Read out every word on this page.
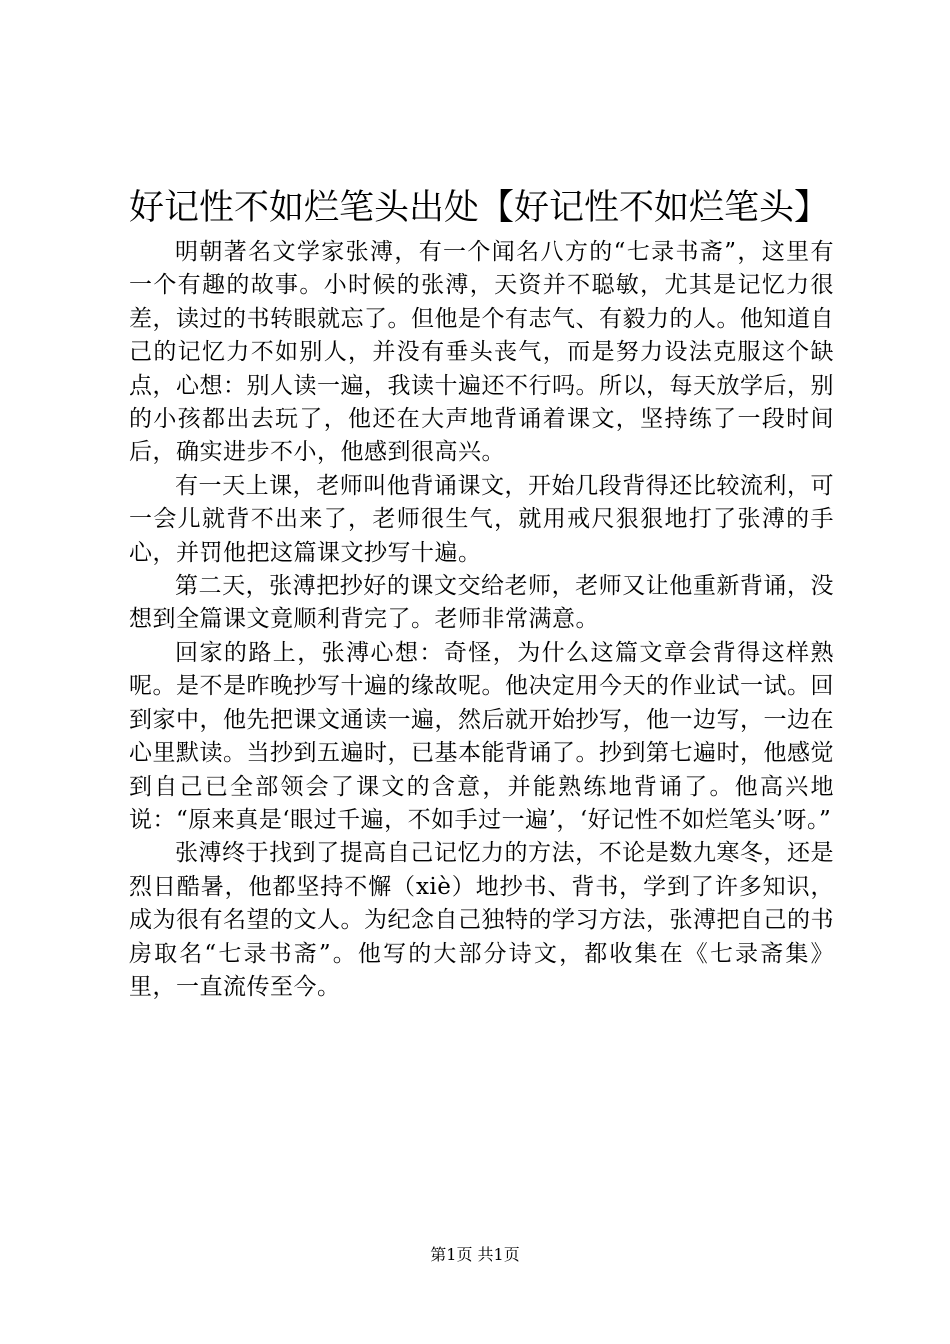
好记性不如烂笔头出处【好记性不如烂笔头】

明朝著名文学家张溥，有一个闻名八方的“七录书斋”，这里有一个有趣的故事。小时候的张溥，天资并不聪敏，尤其是记忆力很差，读过的书转眼就忘了。但他是个有志气、有毅力的人。他知道自己的记忆力不如别人，并没有垂头丧气，而是努力设法克服这个缺点，心想：别人读一遍，我读十遍还不行吗。所以，每天放学后，别的小孩都出去玩了，他还在大声地背诵着课文，坚持练了一段时间后，确实进步不小，他感到很高兴。

有一天上课，老师叫他背诵课文，开始几段背得还比较流利，可一会儿就背不出来了，老师很生气，就用戒尺狠狠地打了张溥的手心，并罚他把这篇课文抄写十遍。

第二天，张溥把抄好的课文交给老师，老师又让他重新背诵，没想到全篇课文竟顺利背完了。老师非常满意。

回家的路上，张溥心想：奇怪，为什么这篇文章会背得这样熟呢。是不是昨晚抄写十遍的缘故呢。他决定用今天的作业试一试。回到家中，他先把课文通读一遍，然后就开始抄写，他一边写，一边在心里默读。当抄到五遍时，已基本能背诵了。抄到第七遍时，他感觉到自己已全部领会了课文的含意，并能熟练地背诵了。他高兴地说：“原来真是‘眼过千遍，不如手过一遍’，‘好记性不如烂笔头’呀。”

张溥终于找到了提高自己记忆力的方法，不论是数九寒冬，还是烈日酷暑，他都坚持不懈（xiè）地抄书、背书，学到了许多知识，成为很有名望的文人。为纪念自己独特的学习方法，张溥把自己的书房取名“七录书斋”。他写的大部分诗文，都收集在《七录斋集》里，一直流传至今。

第1页 共1页
